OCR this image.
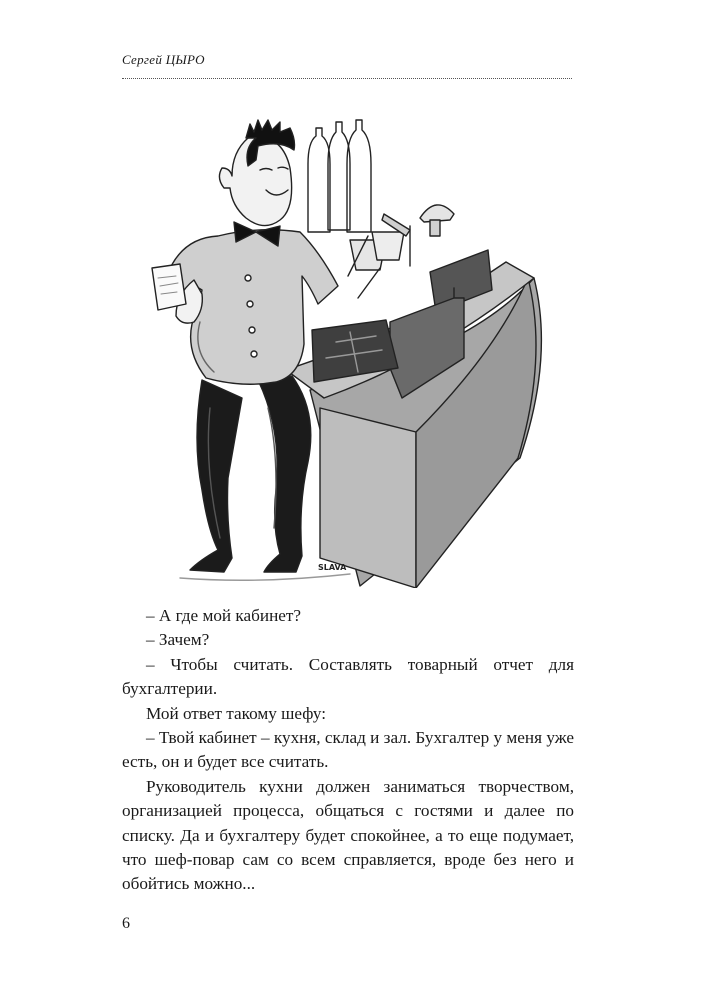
Сергей ЦЫРО
SLAVA

– А где мой кабинет?

– Зачем?

– Чтобы считать. Составлять товарный отчет для бухгалтерии.

Мой ответ такому шефу:

– Твой кабинет – кухня, склад и зал. Бухгалтер у меня уже есть, он и будет все считать.

Руководитель кухни должен заниматься творчеством, организацией процесса, общаться с гостями и далее по списку. Да и бухгалтеру будет спокойнее, а то еще подумает, что шеф-повар сам со всем справляется, вроде без него и обойтись можно...

6
